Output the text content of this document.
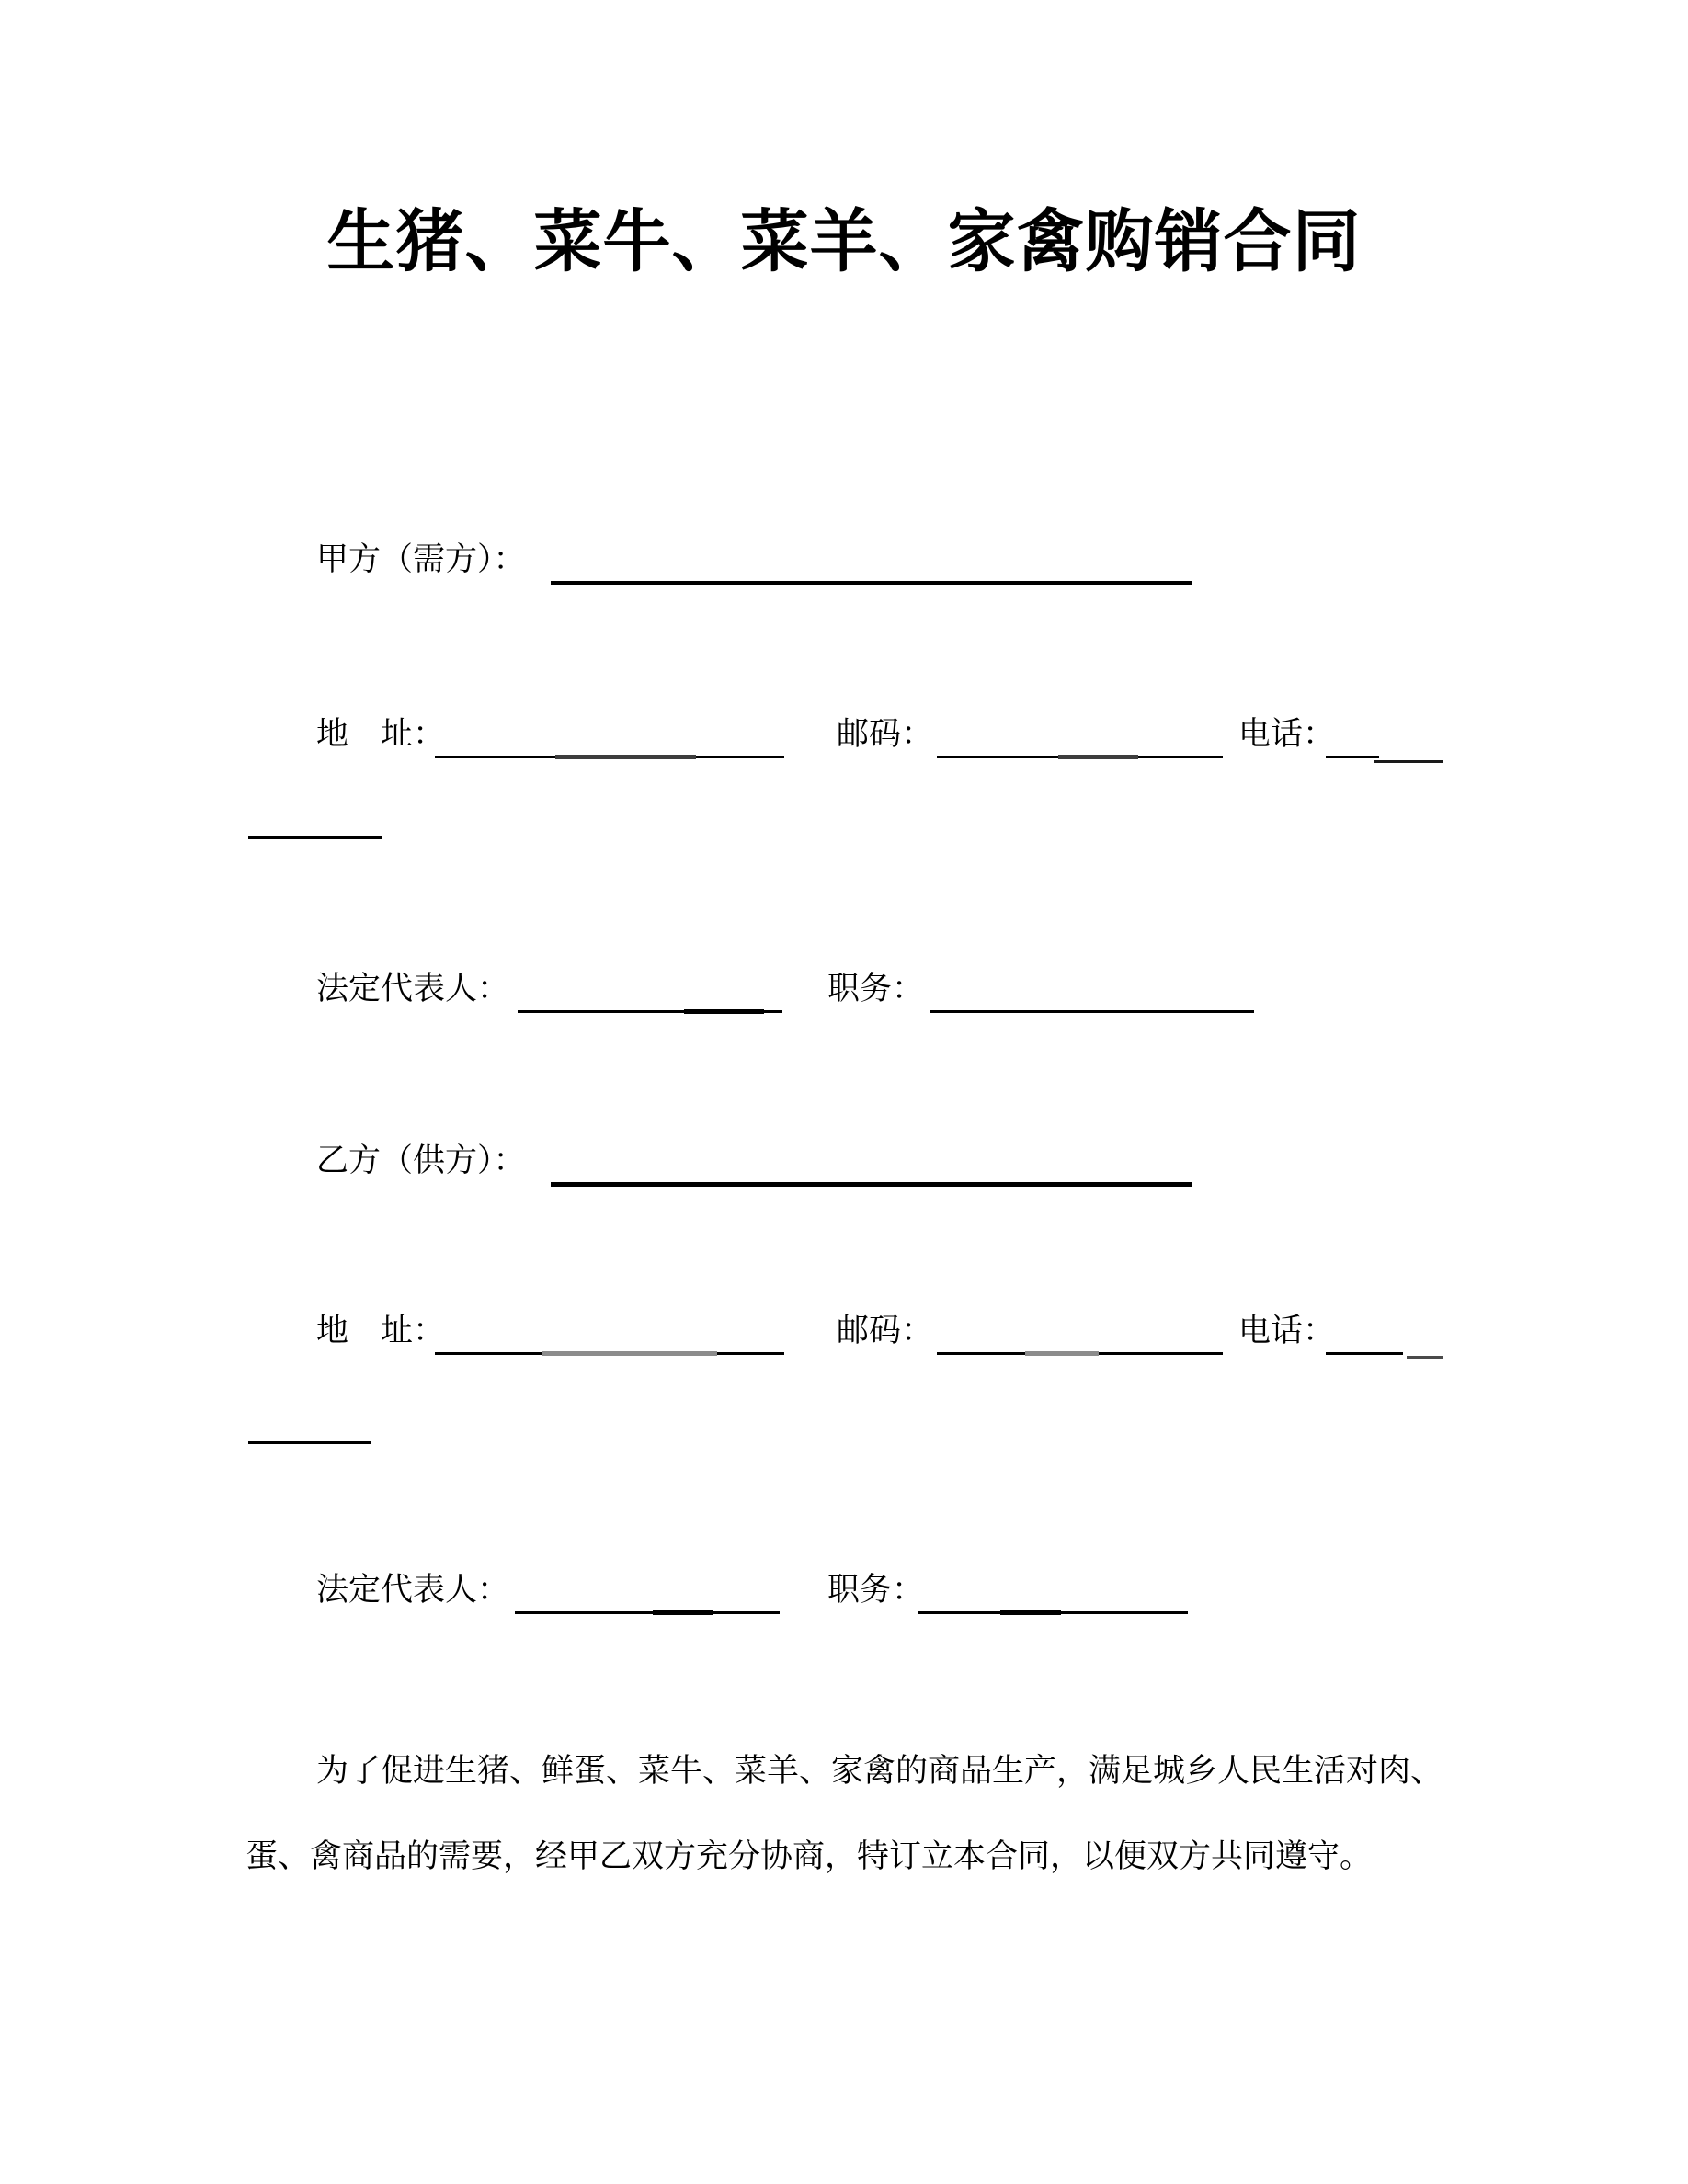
生猪、菜牛、菜羊、家禽购销合同
甲方（需方）：
地　址：	邮码：	电话：
法定代表人：	职务：
乙方（供方）：
地　址：	邮码：	电话：
法定代表人：	职务：
为了促进生猪、鲜蛋、菜牛、菜羊、家禽的商品生产，满足城乡人民生活对肉、
蛋、禽商品的需要，经甲乙双方充分协商，特订立本合同，以便双方共同遵守。
